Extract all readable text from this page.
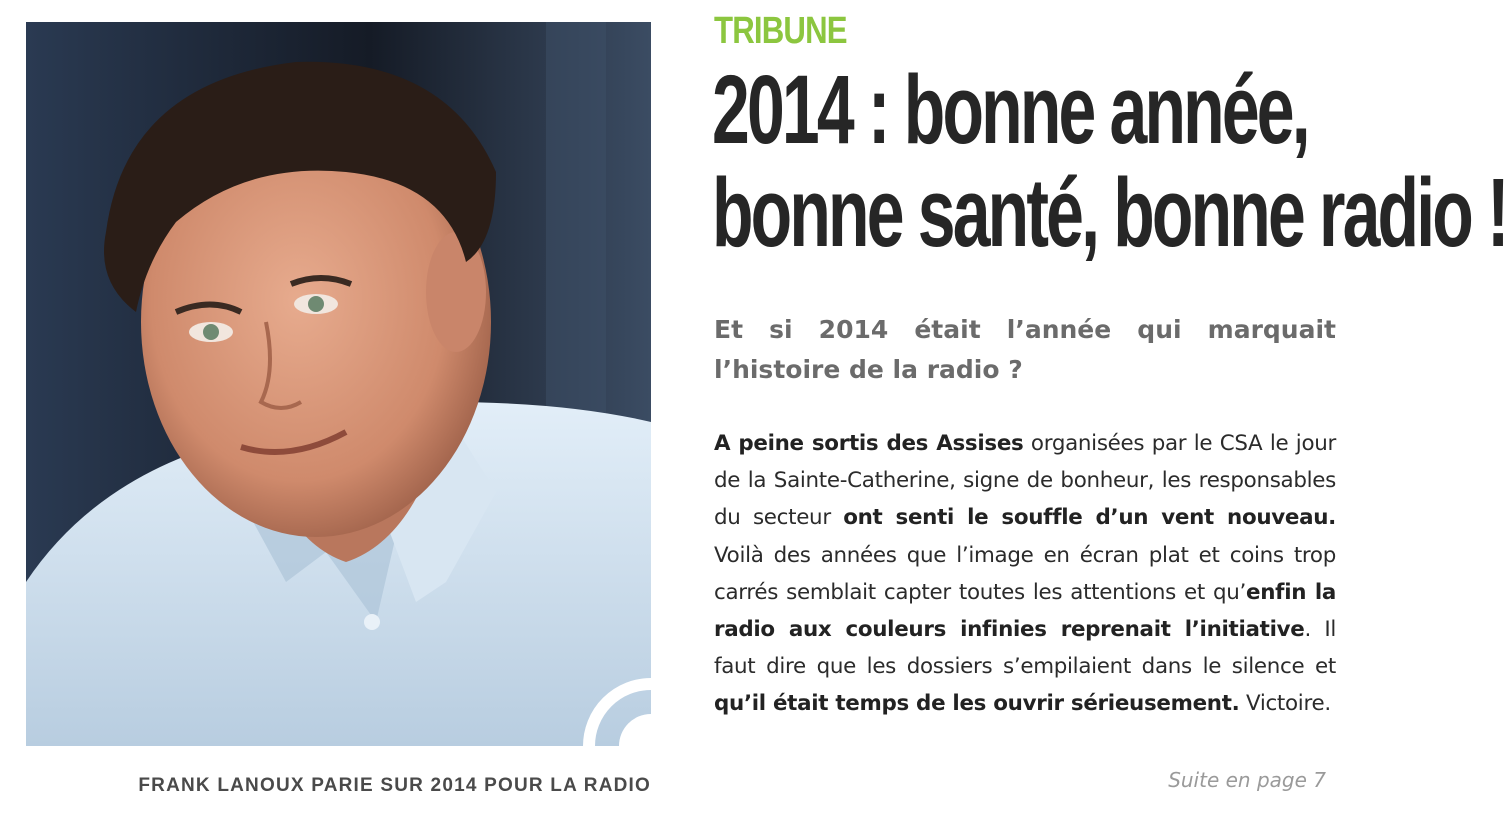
FRANK LANOUX PARIE SUR 2014 POUR LA RADIO
TRIBUNE
2014 : bonne année,
bonne santé, bonne radio !
Et si 2014 était l’année qui marquait l’histoire de la radio ?
A peine sortis des Assises organisées par le CSA le jour de la Sainte-Catherine, signe de bonheur, les responsables du secteur ont senti le souffle d’un vent nouveau. Voilà des années que l’image en écran plat et coins trop carrés semblait capter toutes les attentions et qu’enfin la radio aux couleurs infinies reprenait l’initiative. Il faut dire que les dossiers s’empilaient dans le silence et qu’il était temps de les ouvrir sérieusement. Victoire.
Suite en page 7
